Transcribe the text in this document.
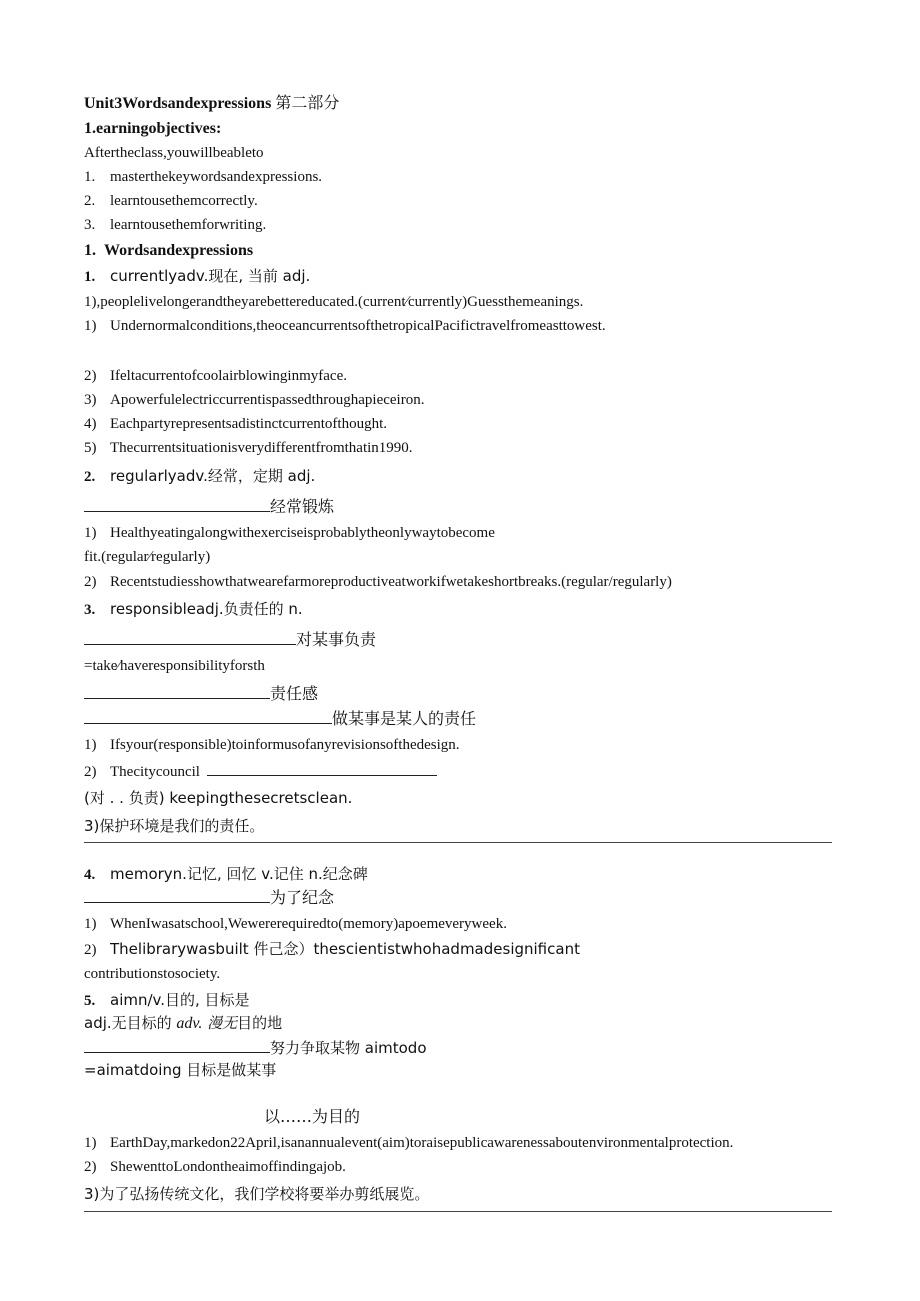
Unit3Wordsandexpressions 第二部分
1.earningobjectives:
Aftertheclass,youwillbeableto
1. masterthekeywordsandexpressions.
2. learntousethemcorrectly.
3. learntousethemforwriting.
1.  Wordsandexpressions
1. currentlyadv.现在, 当前 adj.
1),peoplelivelongerandtheyarebettereducated.(current∕currently)Guessthemeanings.
1) Undernormalconditions,theoceancurrentsofthetropicalPacifictravelfromeasttowest.
2) Ifeltacurrentofcoolairblowinginmyface.
3) Apowerfulelectriccurrentispassedthroughapieceiron.
4) Eachpartyrepresentsadistinctcurrentofthought.
5) Thecurrentsituationisverydifferentfromthatin1990.
2. regularlyadv.经常，定期 adj.
经常锻炼
1) Healthyeatingalongwithexerciseisprobablytheonlywaytobecome
fit.(regular∕regularly)
2) Recentstudiesshowthatwearefarmoreproductiveatworkifwetakeshortbreaks.(regular/regularly)
3. responsibleadj.负责任的 n.
对某事负责
=take∕haveresponsibilityforsth
责任感
做某事是某人的责任
1) Ifsyour(responsible)toinformusofanyrevisionsofthedesign.
2) Thecitycouncil
(对 . . 负责) keepingthesecretsclean.
3)保护环境是我们的责任。
4. memoryn.记忆, 回忆 v.记住 n.纪念碑
为了纪念
1) WhenIwasatschool,Wewererequiredto(memory)apoemeveryweek.
2) Thelibrarywasbuilt 件己念）thescientistwhohadmadesignificant
contributionstosociety.
5. aimn∕v.目的, 目标是
adj.无目标的 adv. 漫无目的地
努力争取某物 aimtodo
=aimatdoing 目标是做某事
以……为目的
1) EarthDay,markedon22April,isanannualevent(aim)toraisepublicawarenessaboutenvironmentalprotection.
2) ShewenttoLondontheaimoffindingajob.
3)为了弘扬传统文化，我们学校将要举办剪纸展览。
